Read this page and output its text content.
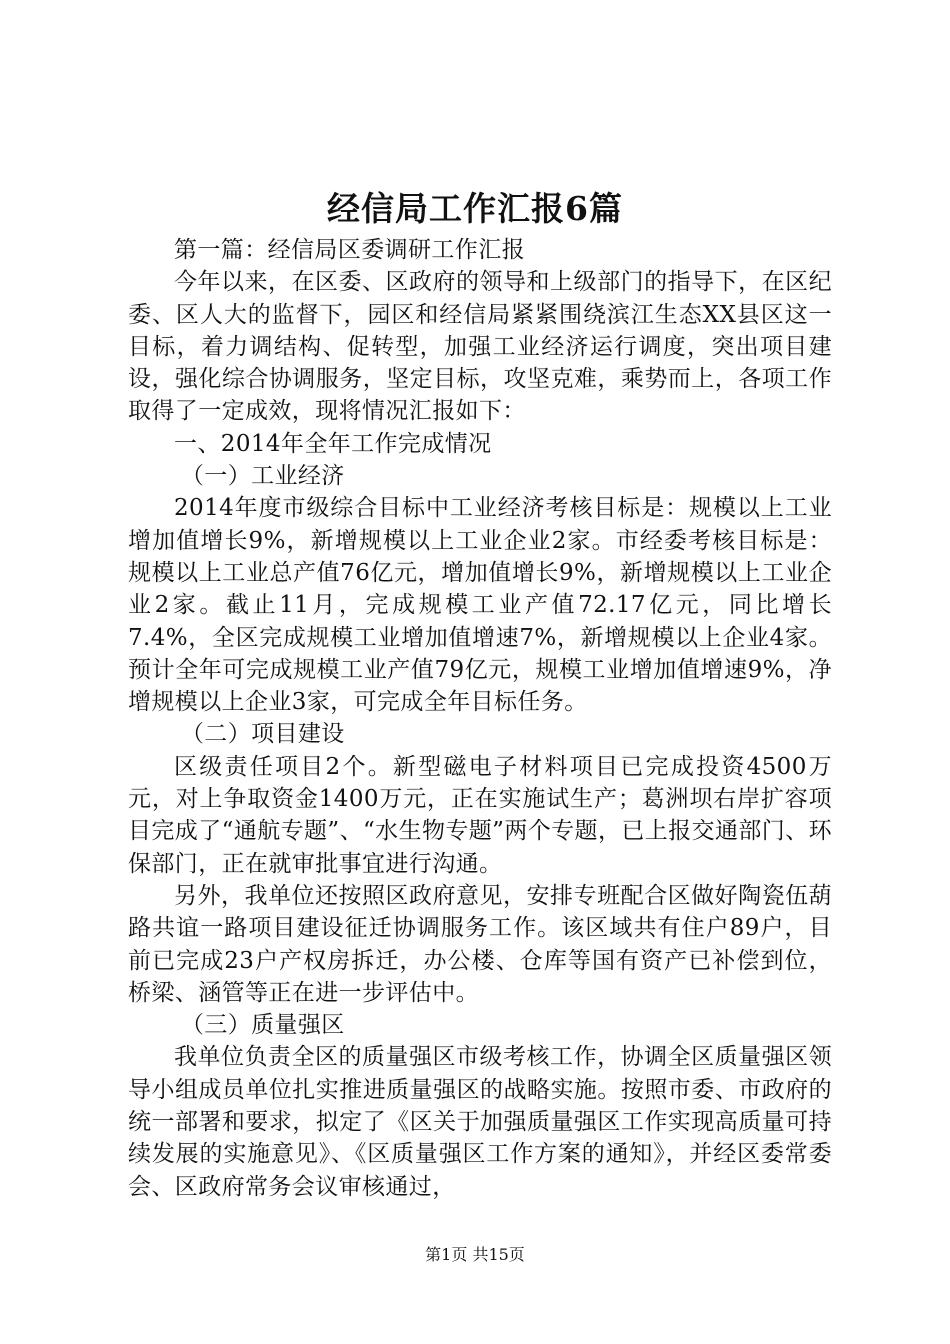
经信局工作汇报6篇

第一篇：经信局区委调研工作汇报

今年以来，在区委、区政府的领导和上级部门的指导下，在区纪委、区人大的监督下，园区和经信局紧紧围绕滨江生态XX县区这一目标，着力调结构、促转型，加强工业经济运行调度，突出项目建设，强化综合协调服务，坚定目标，攻坚克难，乘势而上，各项工作取得了一定成效，现将情况汇报如下：

一、2014年全年工作完成情况

（一）工业经济

2014年度市级综合目标中工业经济考核目标是：规模以上工业增加值增长9%，新增规模以上工业企业2家。市经委考核目标是：规模以上工业总产值76亿元，增加值增长9%，新增规模以上工业企业2家。截止11月，完成规模工业产值72.17亿元，同比增长7.4%，全区完成规模工业增加值增速7%，新增规模以上企业4家。预计全年可完成规模工业产值79亿元，规模工业增加值增速9%，净增规模以上企业3家，可完成全年目标任务。

（二）项目建设

区级责任项目2个。新型磁电子材料项目已完成投资4500万元，对上争取资金1400万元，正在实施试生产；葛洲坝右岸扩容项目完成了“通航专题”、“水生物专题”两个专题，已上报交通部门、环保部门，正在就审批事宜进行沟通。

另外，我单位还按照区政府意见，安排专班配合区做好陶瓷伍葫路共谊一路项目建设征迁协调服务工作。该区域共有住户89户，目前已完成23户产权房拆迁，办公楼、仓库等国有资产已补偿到位，桥梁、涵管等正在进一步评估中。

（三）质量强区

我单位负责全区的质量强区市级考核工作，协调全区质量强区领导小组成员单位扎实推进质量强区的战略实施。按照市委、市政府的统一部署和要求，拟定了《区关于加强质量强区工作实现高质量可持续发展的实施意见》、《区质量强区工作方案的通知》，并经区委常委会、区政府常务会议审核通过，

第1页 共15页
